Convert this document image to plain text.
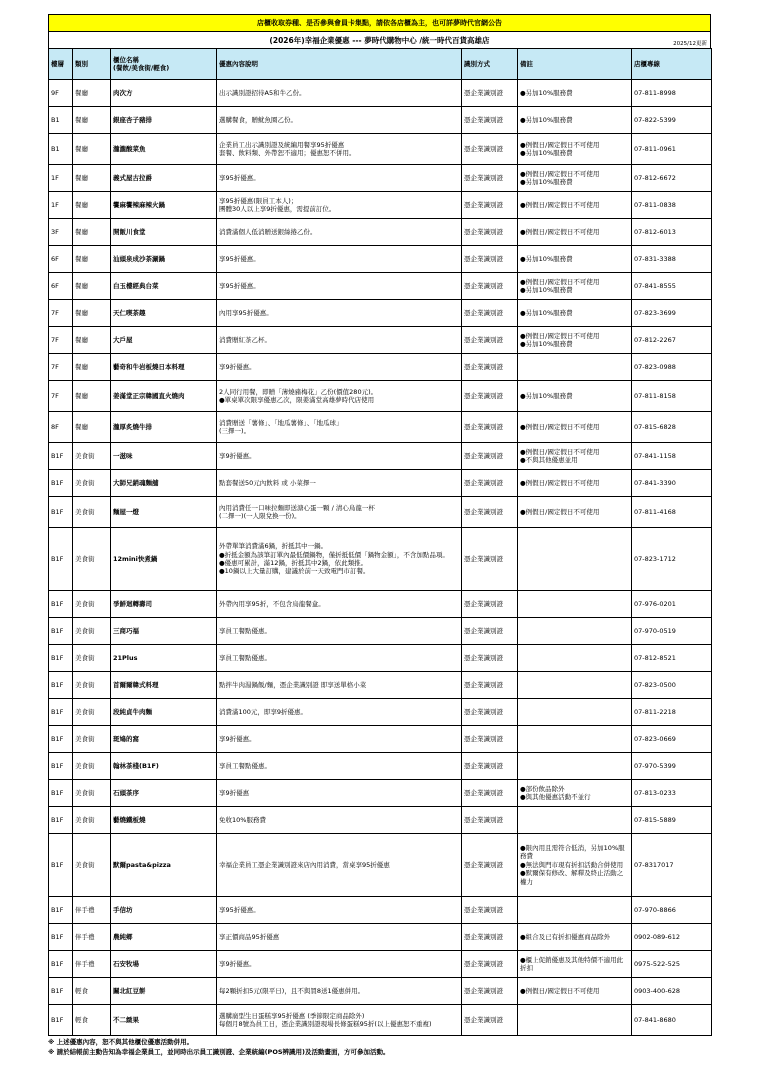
店櫃收取券種、是否參與會員卡集點，請依各店櫃為主，也可詳夢時代官網公告
(2026年)幸福企業優惠 --- 夢時代購物中心 /統一時代百貨高雄店	2025/12更新
樓層	類別	櫃位名稱
(餐飲/美食街/輕食)	優惠內容說明	識別方式	備註	店櫃專線
9F	餐廳	肉次方	出示識別證招待A5和牛乙份。	憑企業識別證	●另加10%服務費	07-811-8998
B1	餐廳	銀座杏子豬排	選購餐食，贈魷魚圈乙份。	憑企業識別證	●另加10%服務費	07-822-5399
B1	餐廳	瀧瀧酸菜魚	企業員工出示識別證及統編用餐享95折優惠
套餐、飲料類、外帶恕不適用；優惠恕不併用。	憑企業識別證	●例假日/國定假日不可使用
●另加10%服務費	07-811-0961
1F	餐廳	義式屋古拉爵	享95折優惠。	憑企業識別證	●例假日/國定假日不可使用
●另加10%服務費	07-812-6672
1F	餐廳	饗麻饗辣麻辣火鍋	享95折優惠(限員工本人)；
團體30人以上享9折優惠，需提前訂位。	憑企業識別證	●例假日/國定假日不可使用	07-811-0838
3F	餐廳	開飯川食堂	消費滿個人低消贈送銀絲捲乙份。	憑企業識別證	●例假日/國定假日不可使用	07-812-6013
6F	餐廳	汕頭泉成沙茶涮鍋	享95折優惠。	憑企業識別證	●另加10%服務費	07-831-3388
6F	餐廳	白玉樓經典台菜	享95折優惠。	憑企業識別證	●例假日/國定假日不可使用
●另加10%服務費	07-841-8555
7F	餐廳	天仁喫茶趣	內用享95折優惠。	憑企業識別證	●另加10%服務費	07-823-3699
7F	餐廳	大戶屋	消費贈紅茶乙杯。	憑企業識別證	●例假日/國定假日不可使用
●另加10%服務費	07-812-2267
7F	餐廳	藝奇和牛岩板燒日本料理	享9折優惠。	憑企業識別證		07-823-0988
7F	餐廳	姜滿堂正宗韓國直火燒肉	2人同行用餐，即贈「薄燒豬梅花」乙份(價值280元)。
●單桌單次限享優惠乙次，限姜滿堂高雄夢時代店使用	憑企業識別證	●另加10%服務費	07-811-8158
8F	餐廳	瀧厚炙燒牛排	消費贈送「薯條」、「地瓜薯條」、「地瓜球」
(三擇一)。	憑企業識別證	●例假日/國定假日不可使用	07-815-6828
B1F	美食街	一滋味	享9折優惠。	憑企業識別證	●例假日/國定假日不可使用
●不與其他優惠並用	07-841-1158
B1F	美食街	大師兄銷魂麵舖	點套餐送50元內飲料 或 小菜擇一	憑企業識別證	●例假日/國定假日不可使用	07-841-3390
B1F	美食街	麵屋一燈	內用消費任一口味拉麵即送溏心蛋一顆 / 清心烏龍一杯
(二擇一)(一人限兌換一份)。	憑企業識別證	●例假日/國定假日不可使用	07-811-4168
B1F	美食街	12mini快煮鍋	外帶單筆消費滿6鍋，折抵其中一鍋。
●折抵金額為該筆訂單內最低價鍋物，僅折抵低價「鍋物金額」，不含加點品項。
●優惠可累計，滿12鍋，折抵其中2鍋，依此類推。
●10鍋以上大量訂購，建議於前一天致電門市訂餐。	憑企業識別證		07-823-1712
B1F	美食街	爭鮮迴轉壽司	外帶內用享95折，不包含烏龍餐盒。	憑企業識別證		07-976-0201
B1F	美食街	三商巧福	享員工餐點優惠。	憑企業識別證		07-970-0519
B1F	美食街	21Plus	享員工餐點優惠。	憑企業識別證		07-812-8521
B1F	美食街	首爾爾韓式料理	點拌牛肉湯鍋飯/麵，憑企業識別證 即享送單格小菜	憑企業識別證		07-823-0500
B1F	美食街	段純貞牛肉麵	消費滿100元，即享9折優惠。	憑企業識別證		07-811-2218
B1F	美食街	斑鳩的窩	享9折優惠。	憑企業識別證		07-823-0669
B1F	美食街	翰林茶棧(B1F)	享員工餐點優惠。	憑企業識別證		07-970-5399
B1F	美食街	石頭茶序	享9折優惠	憑企業識別證	●部份飲品除外
●與其他優惠活動不並行	07-813-0233
B1F	美食街	藝燒鐵板燒	免收10%服務費	憑企業識別證		07-815-5889
B1F	美食街	默爾pasta&pizza	幸福企業員工憑企業識別證來店內用消費，當桌享95折優惠	憑企業識別證	●限內用且需符合低消，另加10%服務費
●無法與門市現有折扣活動合併使用
●默爾保有修改、解釋及終止活動之權力	07-8317017
B1F	伴手禮	手信坊	享95折優惠。	憑企業識別證		07-970-8866
B1F	伴手禮	農純鄉	享正價商品95折優惠	憑企業識別證	●組合及已有折扣優惠商品除外	0902-089-612
B1F	伴手禮	石安牧場	享9折優惠。	憑企業識別證	●櫃上促銷優惠及其他特價不適用此折扣	0975-522-525
B1F	輕食	關北紅豆餅	每2顆折扣5元(限平日)，且不與買8送1優惠併用。	憑企業識別證	●例假日/國定假日不可使用	0903-400-628
B1F	輕食	不二緻果	選購廣型生日蛋糕享95折優惠 (季節限定商品除外)
每個月8號為員工日，憑企業識別證現場長條蛋糕95折(以上優惠恕不重複)	憑企業識別證		07-841-8680
※ 上述優惠內容，恕不與其他櫃位優惠活動併用。
※ 請於結帳前主動告知為幸福企業員工，並同時出示員工識別證、企業統編(POS辨識用)及活動畫面，方可參加活動。
